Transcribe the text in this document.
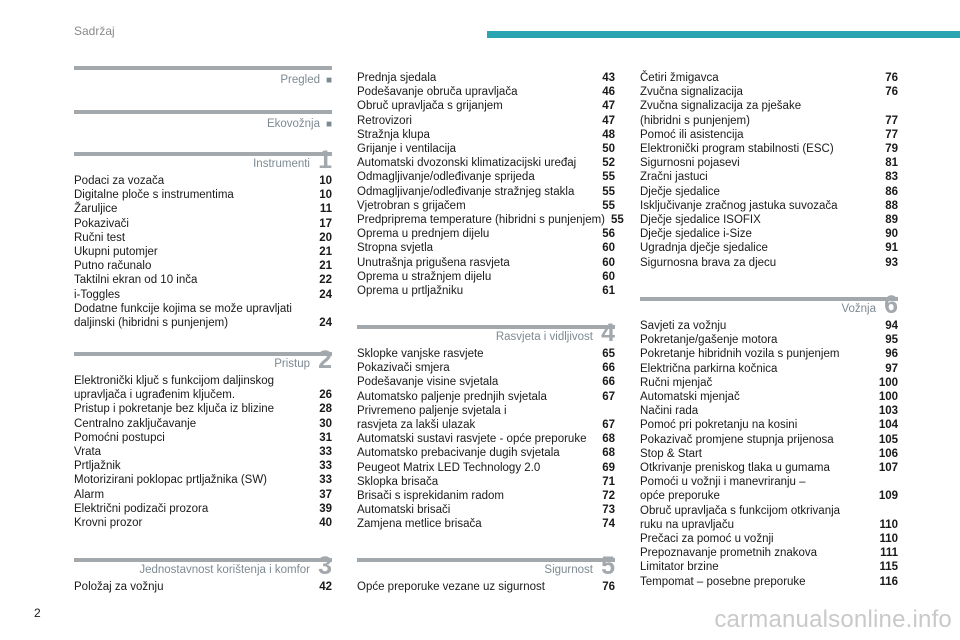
Sadržaj
Pregled ■
Ekovožnja ■
Instrumenti 1
Podaci za vozača	10
Digitalne ploče s instrumentima	10
Žaruljice	11
Pokazivači	17
Ručni test	20
Ukupni putomjer	21
Putno računalo	21
Taktilni ekran od 10 inča	22
i-Toggles	24
Dodatne funkcije kojima se može upravljati
daljinski (hibridni s punjenjem)	24
Pristup 2
Elektronički ključ s funkcijom daljinskog
upravljača i ugrađenim ključem.	26
Pristup i pokretanje bez ključa iz blizine	28
Centralno zaključavanje	30
Pomoćni postupci	31
Vrata	33
Prtljažnik	33
Motorizirani poklopac prtljažnika (SW)	33
Alarm	37
Električni podizači prozora	39
Krovni prozor	40
Jednostavnost korištenja i komfor 3
Položaj za vožnju	42
Prednja sjedala	43
Podešavanje obruča upravljača	46
Obruč upravljača s grijanjem	47
Retrovizori	47
Stražnja klupa	48
Grijanje i ventilacija	50
Automatski dvozonski klimatizacijski uređaj	52
Odmagljivanje/odleđivanje sprijeda	55
Odmagljivanje/odleđivanje stražnjeg stakla	55
Vjetrobran s grijačem	55
Predpriprema temperature (hibridni s punjenjem) 55
Oprema u prednjem dijelu	56
Stropna svjetla	60
Unutrašnja prigušena rasvjeta	60
Oprema u stražnjem dijelu	60
Oprema u prtljažniku	61
Rasvjeta i vidljivost 4
Sklopke vanjske rasvjete	65
Pokazivači smjera	66
Podešavanje visine svjetala	66
Automatsko paljenje prednjih svjetala	67
Privremeno paljenje svjetala i
rasvjeta za lakši ulazak	67
Automatski sustavi rasvjete - opće preporuke	68
Automatsko prebacivanje dugih svjetala	68
Peugeot Matrix LED Technology 2.0	69
Sklopka brisača	71
Brisači s isprekidanim radom	72
Automatski brisači	73
Zamjena metlice brisača	74
Sigurnost 5
Opće preporuke vezane uz sigurnost	76
Četiri žmigavca	76
Zvučna signalizacija	76
Zvučna signalizacija za pješake
(hibridni s punjenjem)	77
Pomoć ili asistencija	77
Elektronički program stabilnosti (ESC)	79
Sigurnosni pojasevi	81
Zračni jastuci	83
Dječje sjedalice	86
Isključivanje zračnog jastuka suvozača	88
Dječje sjedalice ISOFIX	89
Dječje sjedalice i-Size	90
Ugradnja dječje sjedalice	91
Sigurnosna brava za djecu	93
Vožnja 6
Savjeti za vožnju	94
Pokretanje/gašenje motora	95
Pokretanje hibridnih vozila s punjenjem	96
Električna parkirna kočnica	97
Ručni mjenjač	100
Automatski mjenjač	100
Načini rada	103
Pomoć pri pokretanju na kosini	104
Pokazivač promjene stupnja prijenosa	105
Stop & Start	106
Otkrivanje preniskog tlaka u gumama	107
Pomoći u vožnji i manevriranju –
opće preporuke	109
Obruč upravljača s funkcijom otkrivanja
ruku na upravljaču	110
Prečaci za pomoć u vožnji	110
Prepoznavanje prometnih znakova	111
Limitator brzine	115
Tempomat – posebne preporuke	116
2	carmanualsonline.info
